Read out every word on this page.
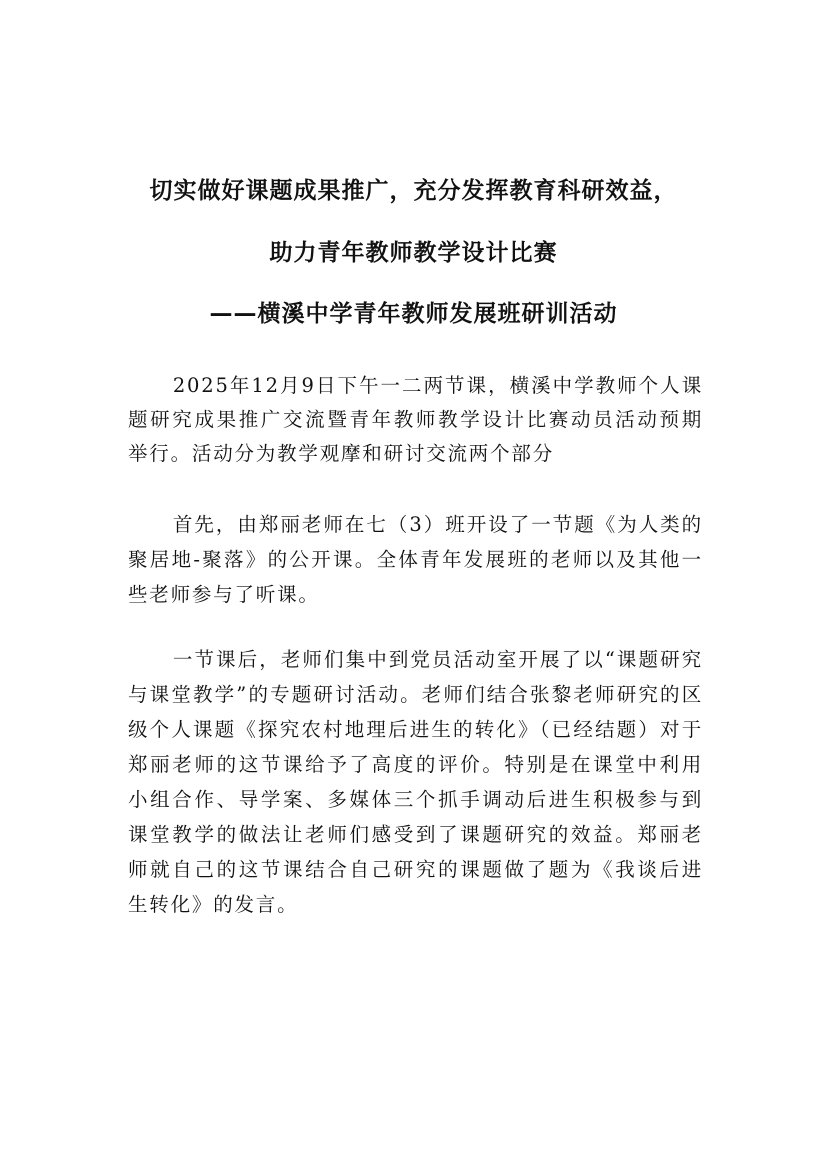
切实做好课题成果推广，充分发挥教育科研效益，
助力青年教师教学设计比赛
——横溪中学青年教师发展班研训活动

2025年12月9日下午一二两节课，横溪中学教师个人课题研究成果推广交流暨青年教师教学设计比赛动员活动预期举行。活动分为教学观摩和研讨交流两个部分

首先，由郑丽老师在七（3）班开设了一节题《为人类的聚居地-聚落》的公开课。全体青年发展班的老师以及其他一些老师参与了听课。

一节课后，老师们集中到党员活动室开展了以“课题研究与课堂教学”的专题研讨活动。老师们结合张黎老师研究的区级个人课题《探究农村地理后进生的转化》（已经结题）对于郑丽老师的这节课给予了高度的评价。特别是在课堂中利用小组合作、导学案、多媒体三个抓手调动后进生积极参与到课堂教学的做法让老师们感受到了课题研究的效益。郑丽老师就自己的这节课结合自己研究的课题做了题为《我谈后进生转化》的发言。
